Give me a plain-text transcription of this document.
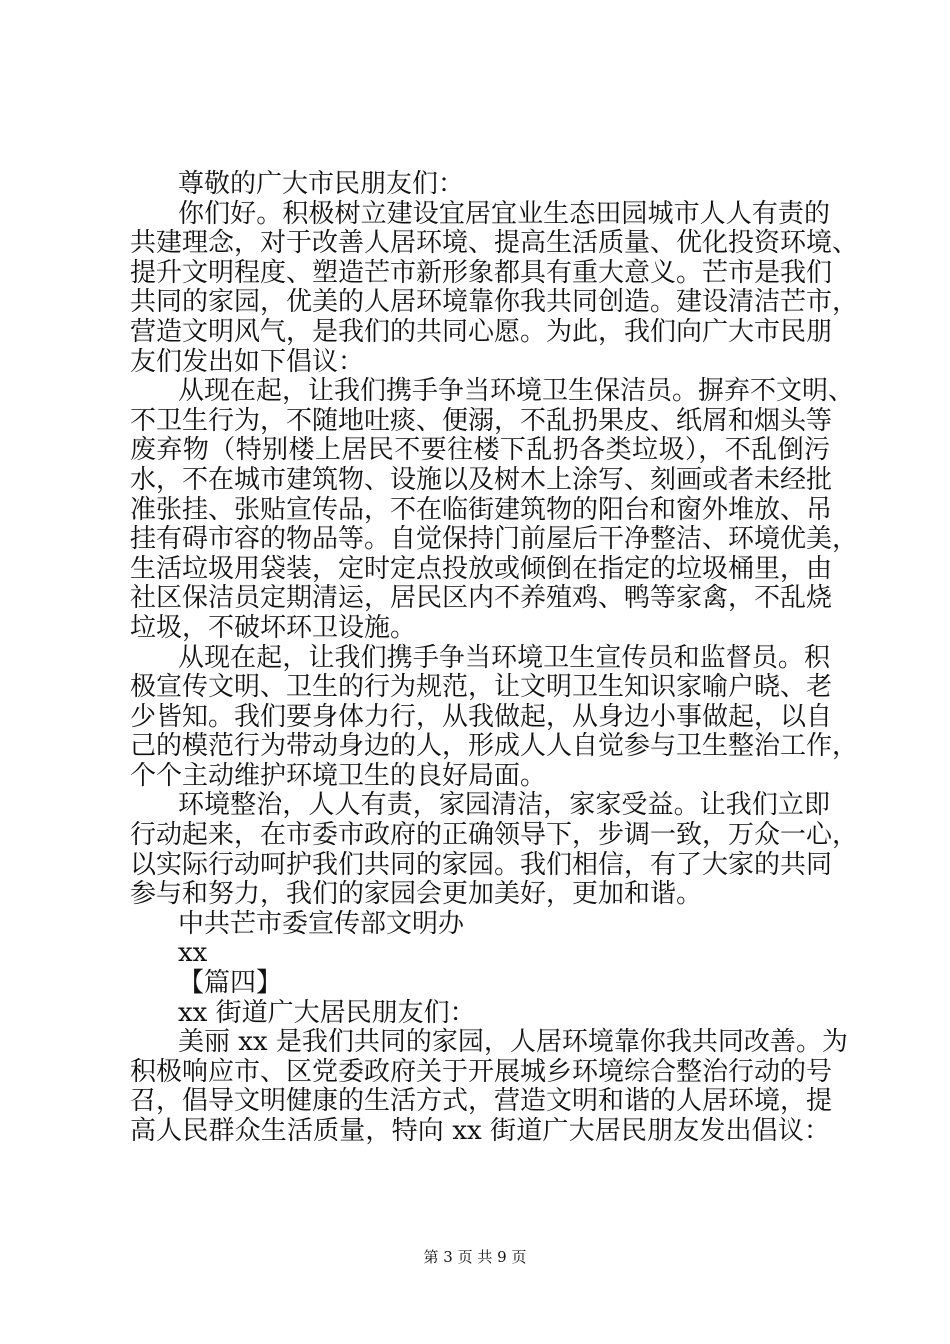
尊敬的广大市民朋友们：
你们好。积极树立建设宜居宜业生态田园城市人人有责的
共建理念，对于改善人居环境、提高生活质量、优化投资环境、
提升文明程度、塑造芒市新形象都具有重大意义。芒市是我们
共同的家园，优美的人居环境靠你我共同创造。建设清洁芒市，
营造文明风气，是我们的共同心愿。为此，我们向广大市民朋
友们发出如下倡议：
从现在起，让我们携手争当环境卫生保洁员。摒弃不文明、
不卫生行为，不随地吐痰、便溺，不乱扔果皮、纸屑和烟头等
废弃物（特别楼上居民不要往楼下乱扔各类垃圾），不乱倒污
水，不在城市建筑物、设施以及树木上涂写、刻画或者未经批
准张挂、张贴宣传品，不在临街建筑物的阳台和窗外堆放、吊
挂有碍市容的物品等。自觉保持门前屋后干净整洁、环境优美，
生活垃圾用袋装，定时定点投放或倾倒在指定的垃圾桶里，由
社区保洁员定期清运，居民区内不养殖鸡、鸭等家禽，不乱烧
垃圾，不破坏环卫设施。
从现在起，让我们携手争当环境卫生宣传员和监督员。积
极宣传文明、卫生的行为规范，让文明卫生知识家喻户晓、老
少皆知。我们要身体力行，从我做起，从身边小事做起，以自
己的模范行为带动身边的人，形成人人自觉参与卫生整治工作，
个个主动维护环境卫生的良好局面。
环境整治，人人有责，家园清洁，家家受益。让我们立即
行动起来，在市委市政府的正确领导下，步调一致，万众一心，
以实际行动呵护我们共同的家园。我们相信，有了大家的共同
参与和努力，我们的家园会更加美好，更加和谐。
中共芒市委宣传部文明办
xx
【篇四】
xx 街道广大居民朋友们：
美丽 xx 是我们共同的家园，人居环境靠你我共同改善。为
积极响应市、区党委政府关于开展城乡环境综合整治行动的号
召，倡导文明健康的生活方式，营造文明和谐的人居环境，提
高人民群众生活质量，特向 xx 街道广大居民朋友发出倡议：
第 3 页 共 9 页
